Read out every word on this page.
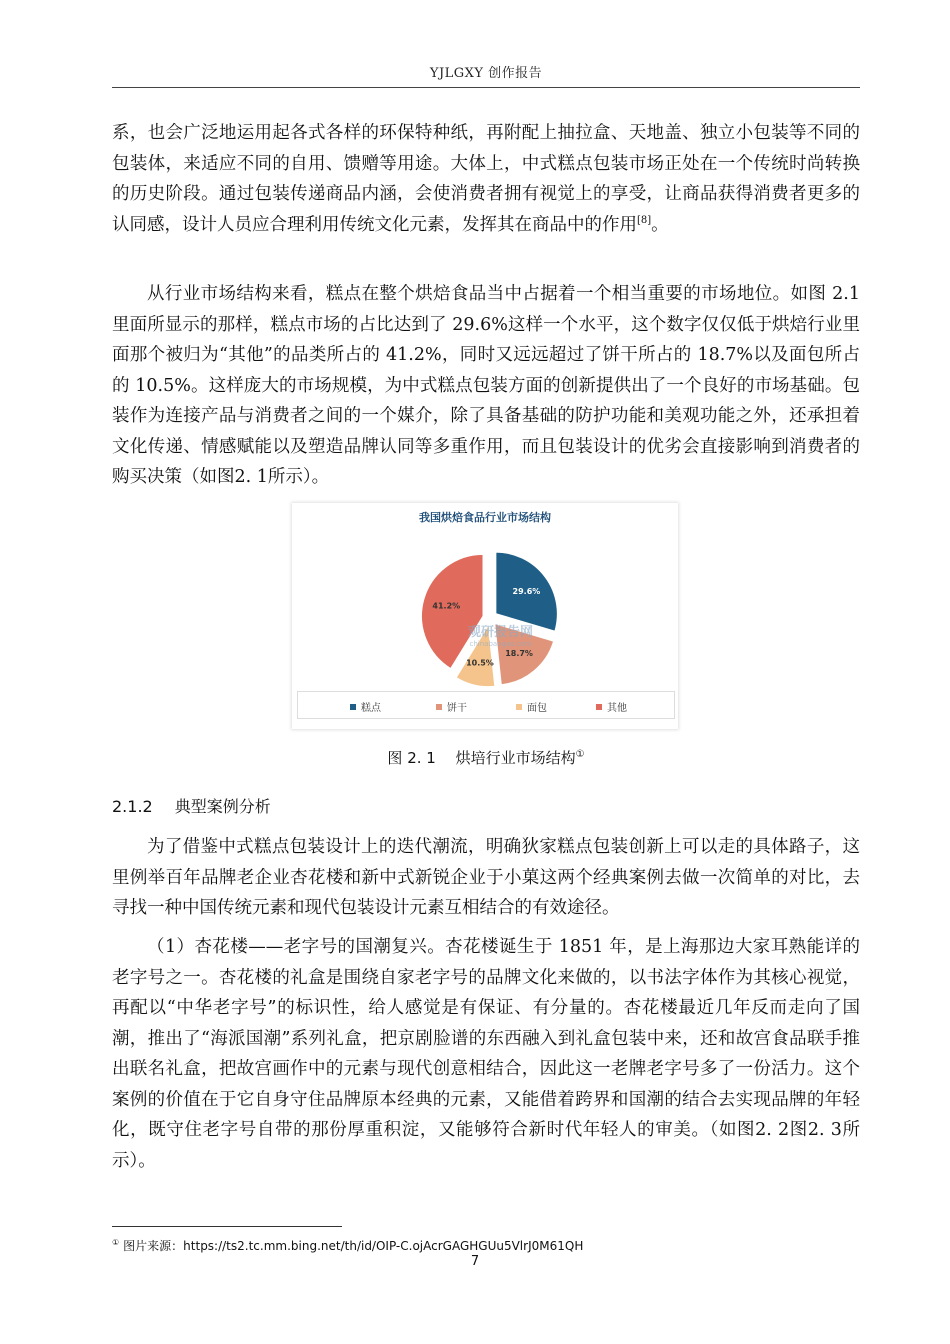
YJLGXY 创作报告

系，也会广泛地运用起各式各样的环保特种纸，再附配上抽拉盒、天地盖、独立小包装等不同的包装体，来适应不同的自用、馈赠等用途。大体上，中式糕点包装市场正处在一个传统时尚转换的历史阶段。通过包装传递商品内涵，会使消费者拥有视觉上的享受，让商品获得消费者更多的认同感，设计人员应合理利用传统文化元素，发挥其在商品中的作用[8]。

从行业市场结构来看，糕点在整个烘焙食品当中占据着一个相当重要的市场地位。如图 2.1 里面所显示的那样，糕点市场的占比达到了 29.6%这样一个水平，这个数字仅仅低于烘焙行业里面那个被归为“其他”的品类所占的 41.2%，同时又远远超过了饼干所占的 18.7%以及面包所占的 10.5%。这样庞大的市场规模，为中式糕点包装方面的创新提供出了一个良好的市场基础。包装作为连接产品与消费者之间的一个媒介，除了具备基础的防护功能和美观功能之外，还承担着文化传递、情感赋能以及塑造品牌认同等多重作用，而且包装设计的优劣会直接影响到消费者的购买决策（如图2. 1所示）。

我国烘焙食品行业市场结构
29.6%
18.7%
10.5%
41.2%
观研报告网
chinabaogao.com
糕点	饼干	面包	其他
图 2. 1　 烘培行业市场结构①
2.1.2 典型案例分析

为了借鉴中式糕点包装设计上的迭代潮流，明确狄家糕点包装创新上可以走的具体路子，这里例举百年品牌老企业杏花楼和新中式新锐企业于小菓这两个经典案例去做一次简单的对比，去寻找一种中国传统元素和现代包装设计元素互相结合的有效途径。

（1）杏花楼——老字号的国潮复兴。杏花楼诞生于 1851 年，是上海那边大家耳熟能详的老字号之一。杏花楼的礼盒是围绕自家老字号的品牌文化来做的，以书法字体作为其核心视觉，再配以“中华老字号”的标识性，给人感觉是有保证、有分量的。杏花楼最近几年反而走向了国潮，推出了“海派国潮”系列礼盒，把京剧脸谱的东西融入到礼盒包装中来，还和故宫食品联手推出联名礼盒，把故宫画作中的元素与现代创意相结合，因此这一老牌老字号多了一份活力。这个案例的价值在于它自身守住品牌原本经典的元素，又能借着跨界和国潮的结合去实现品牌的年轻化，既守住老字号自带的那份厚重积淀，又能够符合新时代年轻人的审美。（如图2. 2图2. 3所示）。

① 图片来源：https://ts2.tc.mm.bing.net/th/id/OIP-C.ojAcrGAGHGUu5VlrJ0M61QH
7
